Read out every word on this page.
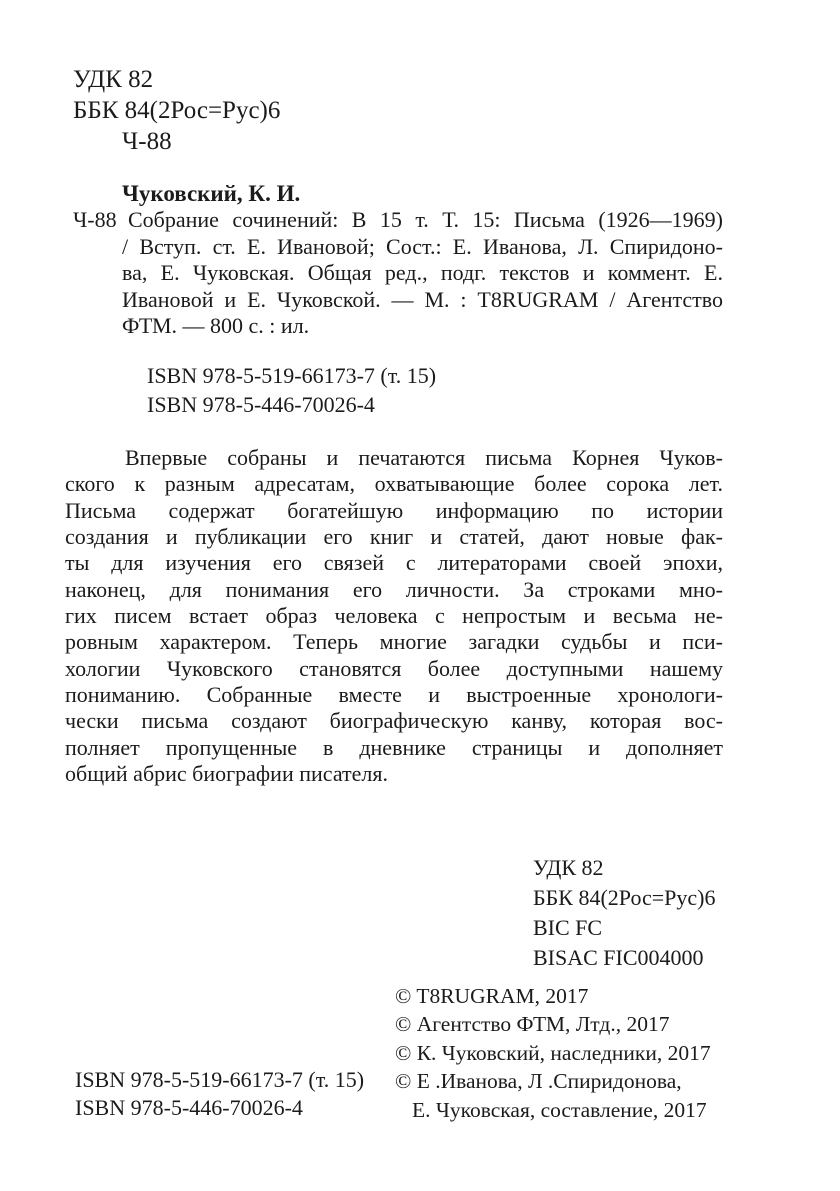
УДК 82
ББК 84(2Рос=Рус)6
Ч-88
Чуковский, К. И.
Ч-88 Собрание сочинений: В 15 т. Т. 15: Письма (1926—1969)
/ Вступ. ст. Е. Ивановой; Сост.: Е. Иванова, Л. Спиридоно-
ва, Е. Чуковская. Общая ред., подг. текстов и коммент. Е.
Ивановой и Е. Чуковской. — М. : T8RUGRAM / Агентство
ФТМ. — 800 с. : ил.
ISBN 978-5-519-66173-7 (т. 15)
ISBN 978-5-446-70026-4
Впервые собраны и печатаются письма Корнея Чуков-
ского к разным адресатам, охватывающие более сорока лет.
Письма содержат богатейшую информацию по истории
создания и публикации его книг и статей, дают новые фак-
ты для изучения его связей с литераторами своей эпохи,
наконец, для понимания его личности. За строками мно-
гих писем встает образ человека с непростым и весьма не-
ровным характером. Теперь многие загадки судьбы и пси-
хологии Чуковского становятся более доступными нашему
пониманию. Собранные вместе и выстроенные хронологи-
чески письма создают биографическую канву, которая вос-
полняет пропущенные в дневнике страницы и дополняет
общий абрис биографии писателя.
УДК 82
ББК 84(2Рос=Рус)6
BIC FC
BISAC FIC004000
© T8RUGRAM, 2017
© Агентство ФТМ, Лтд., 2017
© К. Чуковский, наследники, 2017
© Е .Иванова, Л .Спиридонова,
Е. Чуковская, составление, 2017
ISBN 978-5-519-66173-7 (т. 15)
ISBN 978-5-446-70026-4
